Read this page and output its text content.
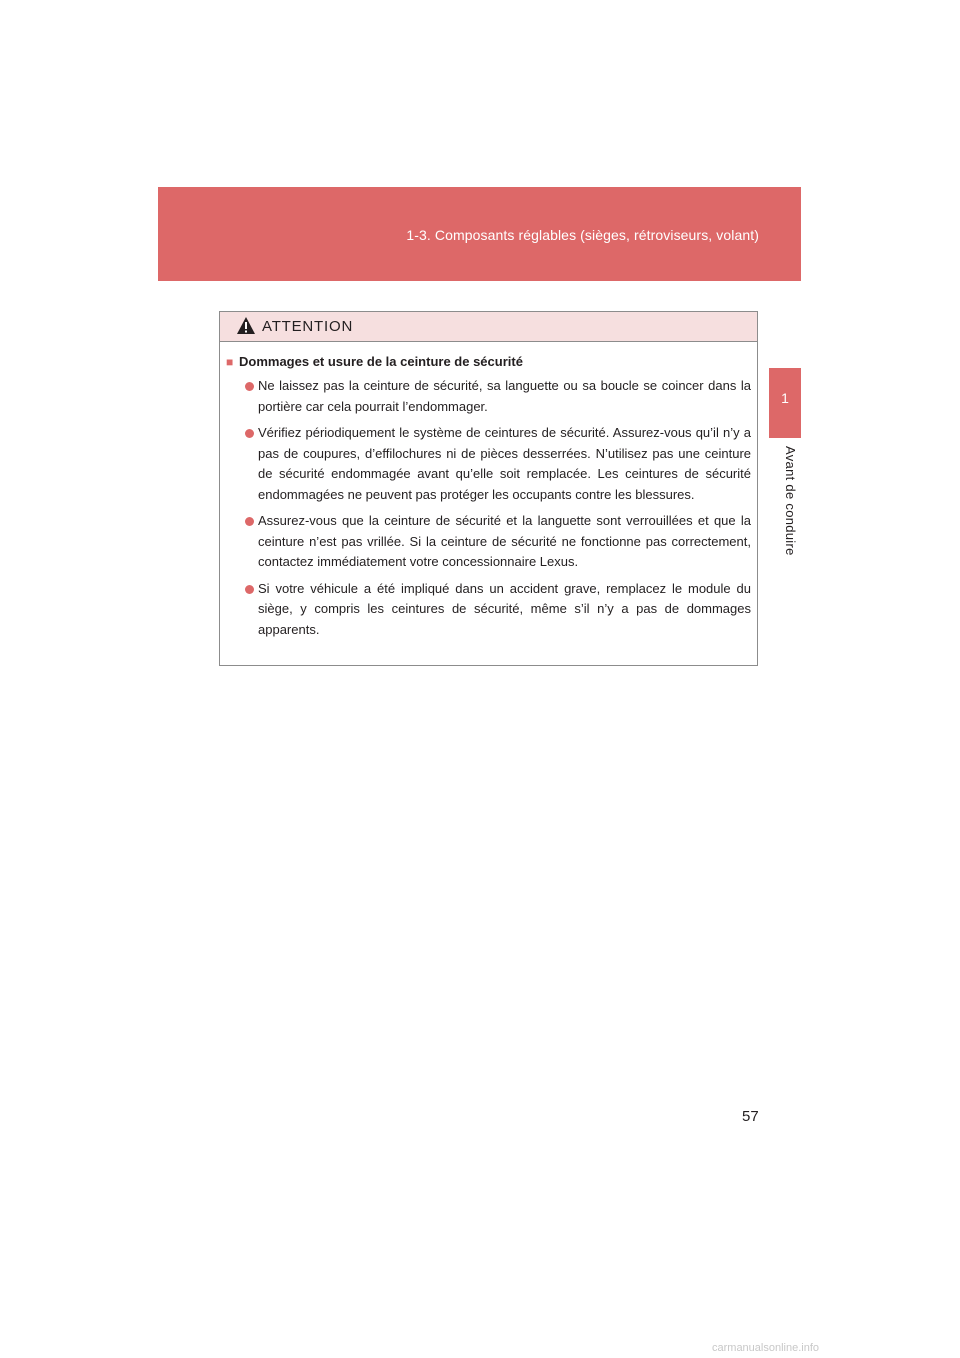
1-3. Composants réglables (sièges, rétroviseurs, volant)
1
Avant de conduire
ATTENTION
■ Dommages et usure de la ceinture de sécurité
Ne laissez pas la ceinture de sécurité, sa languette ou sa boucle se coincer dans la portière car cela pourrait l’endommager.
Vérifiez périodiquement le système de ceintures de sécurité. Assurez-vous qu’il n’y a pas de coupures, d’effilochures ni de pièces desserrées. N’utilisez pas une ceinture de sécurité endommagée avant qu’elle soit remplacée. Les ceintures de sécurité endommagées ne peuvent pas protéger les occupants contre les blessures.
Assurez-vous que la ceinture de sécurité et la languette sont verrouillées et que la ceinture n’est pas vrillée. Si la ceinture de sécurité ne fonctionne pas correctement, contactez immédiatement votre concessionnaire Lexus.
Si votre véhicule a été impliqué dans un accident grave, remplacez le module du siège, y compris les ceintures de sécurité, même s’il n’y a pas de dommages apparents.
57
carmanualsonline.info
